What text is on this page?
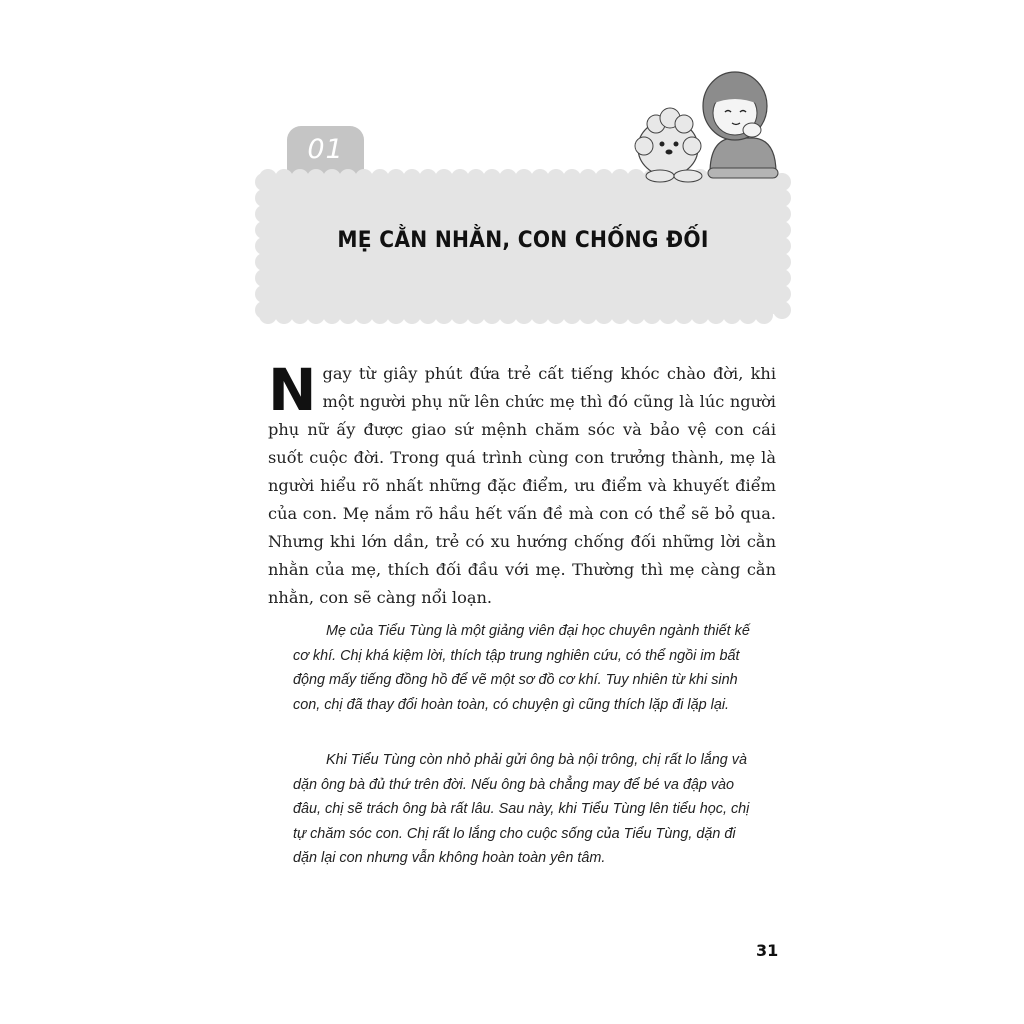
01
MẸ CẰN NHẰN, CON CHỐNG ĐỐI
Ngay từ giây phút đứa trẻ cất tiếng khóc chào đời, khi một người phụ nữ lên chức mẹ thì đó cũng là lúc người phụ nữ ấy được giao sứ mệnh chăm sóc và bảo vệ con cái suốt cuộc đời. Trong quá trình cùng con trưởng thành, mẹ là người hiểu rõ nhất những đặc điểm, ưu điểm và khuyết điểm của con. Mẹ nắm rõ hầu hết vấn đề mà con có thể sẽ bỏ qua. Nhưng khi lớn dần, trẻ có xu hướng chống đối những lời cằn nhằn của mẹ, thích đối đầu với mẹ. Thường thì mẹ càng cằn nhằn, con sẽ càng nổi loạn.

Mẹ của Tiểu Tùng là một giảng viên đại học chuyên ngành thiết kế cơ khí. Chị khá kiệm lời, thích tập trung nghiên cứu, có thể ngồi im bất động mấy tiếng đồng hồ để vẽ một sơ đồ cơ khí. Tuy nhiên từ khi sinh con, chị đã thay đổi hoàn toàn, có chuyện gì cũng thích lặp đi lặp lại.

Khi Tiểu Tùng còn nhỏ phải gửi ông bà nội trông, chị rất lo lắng và dặn ông bà đủ thứ trên đời. Nếu ông bà chẳng may để bé va đập vào đâu, chị sẽ trách ông bà rất lâu. Sau này, khi Tiểu Tùng lên tiểu học, chị tự chăm sóc con. Chị rất lo lắng cho cuộc sống của Tiểu Tùng, dặn đi dặn lại con nhưng vẫn không hoàn toàn yên tâm.

31
